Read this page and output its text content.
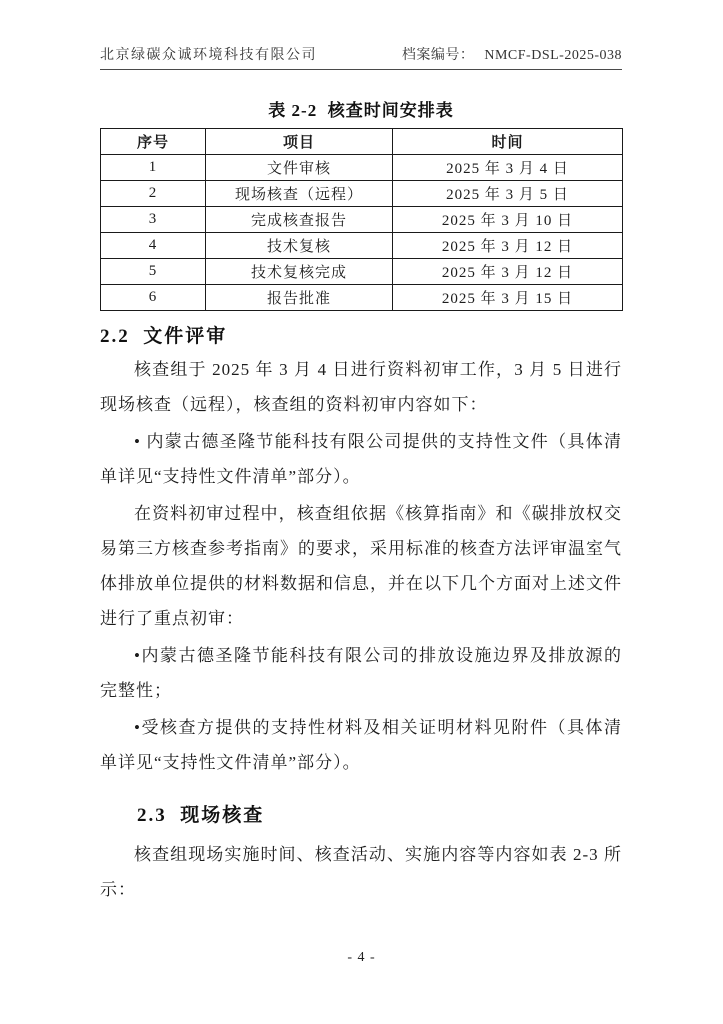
北京绿碳众诚环境科技有限公司	档案编号： NMCF-DSL-2025-038
表 2-2  核查时间安排表
序号	项目	时间
1	文件审核	2025 年 3 月 4 日
2	现场核查（远程）	2025 年 3 月 5 日
3	完成核查报告	2025 年 3 月 10 日
4	技术复核	2025 年 3 月 12 日
5	技术复核完成	2025 年 3 月 12 日
6	报告批准	2025 年 3 月 15 日
2.2  文件评审

核查组于 2025 年 3 月 4 日进行资料初审工作，3 月 5 日进行现场核查（远程），核查组的资料初审内容如下：

• 内蒙古德圣隆节能科技有限公司提供的支持性文件（具体清单详见“支持性文件清单”部分）。

在资料初审过程中，核查组依据《核算指南》和《碳排放权交易第三方核查参考指南》的要求，采用标准的核查方法评审温室气体排放单位提供的材料数据和信息，并在以下几个方面对上述文件进行了重点初审：

•内蒙古德圣隆节能科技有限公司的排放设施边界及排放源的完整性；

•受核查方提供的支持性材料及相关证明材料见附件（具体清单详见“支持性文件清单”部分）。

2.3  现场核查

核查组现场实施时间、核查活动、实施内容等内容如表 2-3 所示：

- 4 -
